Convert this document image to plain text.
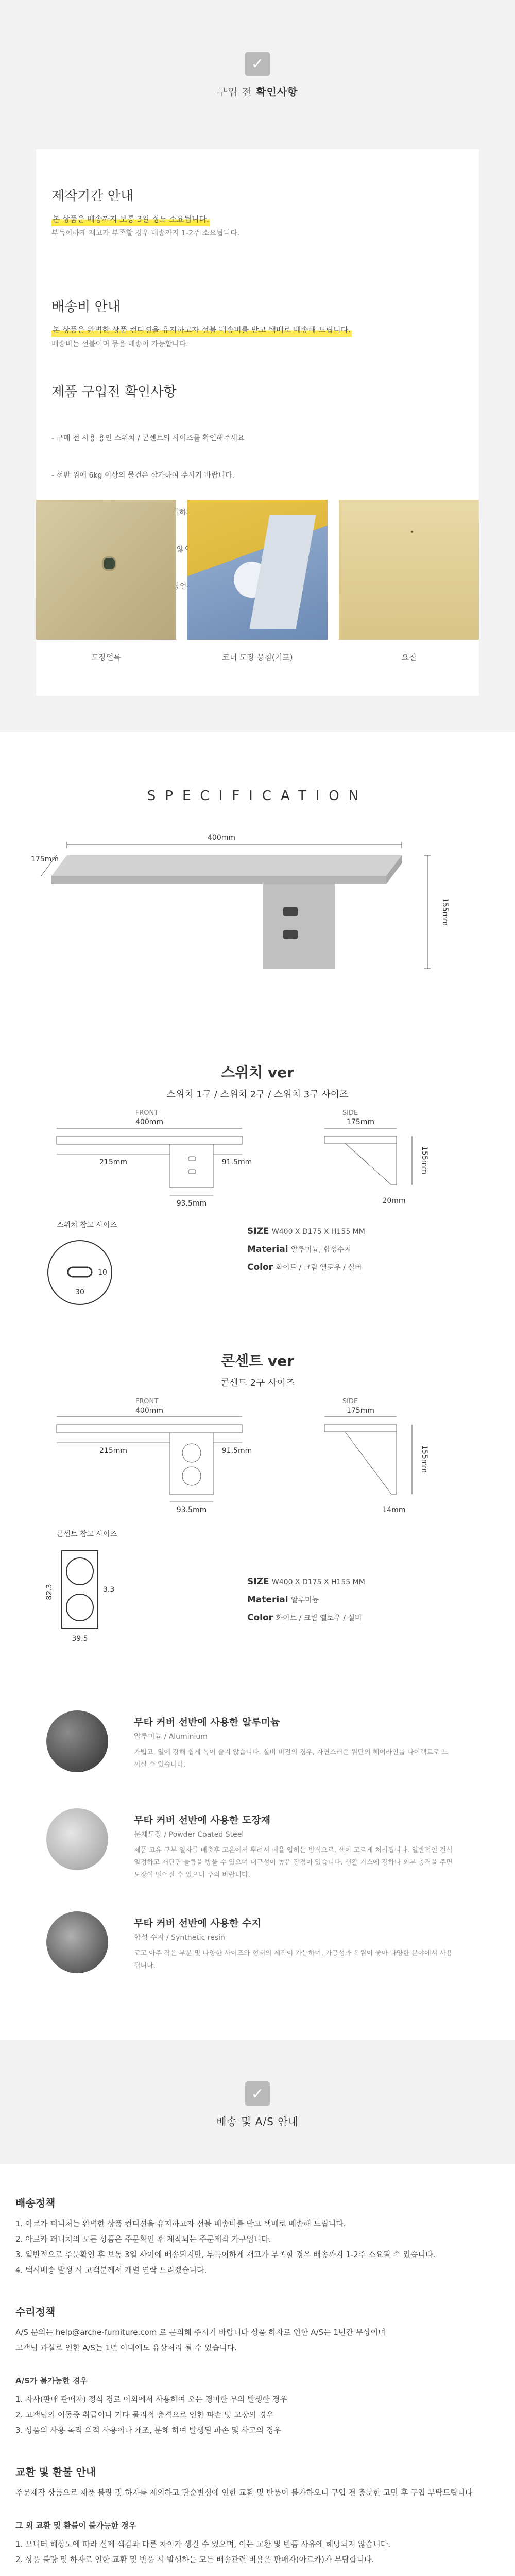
✓
구입 전 확인사항
제작기간 안내
본 상품은 배송까지 보통 3일 정도 소요됩니다.
부득이하게 재고가 부족할 경우 배송까지 1-2주 소요됩니다.
배송비 안내
본 상품은 완벽한 상품 컨디션을 유지하고자 선불 배송비를 받고 택배로 배송해 드립니다.
배송비는 선불이며 묶음 배송이 가능합니다.
제품 구입전 확인사항

- 구매 전 사용 용인 스위치 / 콘센트의 사이즈를 확인해주세요

- 선반 위에 6kg 이상의 물건은 삼가하여 주시기 바랍니다.

도장얼룩

도장얼룩	코너 도장 뭉침(기포)	요철
SPECIFICATION
400mm
175mm
155mm
스위치 ver
스위치 1구 / 스위치 2구 / 스위치 3구 사이즈
FRONT	SIDE
400mm
215mm	91.5mm
93.5mm
175mm
155mm
20mm
스위치 참고 사이즈
10
30
SIZE W400 X D175 X H155 MM
Material 알루미늄, 합성수지
Color 화이트 / 크림 옐로우 / 실버
콘센트 ver
콘센트 2구 사이즈
FRONT	SIDE
400mm
215mm	91.5mm
93.5mm
175mm
155mm
14mm
콘센트 참고 사이즈
82.3
39.5
3.3
SIZE W400 X D175 X H155 MM
Material 알루미늄
Color 화이트 / 크림 옐로우 / 실버
무타 커버 선반에 사용한 알루미늄
알루미늄 / Aluminium
가볍고, 열에 강해 쉽게 녹이 슬지 않습니다. 실버 버전의 경우, 자연스러운 원단의 헤어라인을 다이렉트로 느끼실 수 있습니다.
무타 커버 선반에 사용한 도장재
분체도장 / Powder Coated Steel
제품 고유 구부 일자를 배출후 고온에서 뿌려서 페을 입히는 방식으로, 색이 고르게 처리됩니다. 일반적인 건식 일정하고 재단면 들큼을 방울 수 있으며 내구성이 높은 장점이 있습니다. 생활 기스에 강하나 외부 충격을 주면 도장이 떨어질 수 있으니 주의 바랍니다.
무타 커버 선반에 사용한 수지
합성 수지 / Synthetic resin
코고 아주 작은 부분 및 다양한 사이즈와 형태의 제작이 가능하며, 가공성과 복원이 좋아 다양한 분야에서 사용됩니다.
✓
배송 및 A/S 안내
배송정책
1. 아르카 퍼니처는 완벽한 상품 컨디션을 유지하고자 선불 배송비를 받고 택배로 배송해 드립니다.
2. 아르카 퍼니처의 모든 상품은 주문확인 후 제작되는 주문제작 가구입니다.
3. 일반적으로 주문확인 후 보통 3일 사이에 배송되지만, 부득이하게 재고가 부족할 경우 배송까지 1-2주 소요될 수 있습니다.
4. 택시배송 발생 시 고객분께서 개별 연락 드리겠습니다.
수리정책
A/S 문의는 help@arche-furniture.com 로 문의해 주시기 바랍니다 상품 하자로 인한 A/S는 1년간 무상이며
고객님 과실로 인한 A/S는 1년 이내에도 유상처리 될 수 있습니다.
A/S가 불가능한 경우
1. 자사(판매 판매자) 정식 경로 이외에서 사용하여 오는 경미한 부의 발생한 경우
2. 고객님의 이동중 취급이나 기타 물리적 충격으로 인한 파손 및 고장의 경우
3. 상품의 사용 목적 외적 사용이나 개조, 분해 하여 발생된 파손 및 사고의 경우
교환 및 환불 안내
주문제작 상품으로 제품 불량 및 하자를 제외하고 단순변심에 인한 교환 및 반품이 불가하오니 구입 전 충분한 고민 후 구입 부탁드립니다
그 외 교환 및 환불이 불가능한 경우
1. 모니터 해상도에 따라 실제 색감과 다른 차이가 생길 수 있으며, 이는 교환 및 반품 사유에 해당되지 않습니다.
2. 상품 불량 및 하자로 인한 교환 및 반품 시 발생하는 모든 배송관련 비용은 판매자(아르카)가 부담합니다.
